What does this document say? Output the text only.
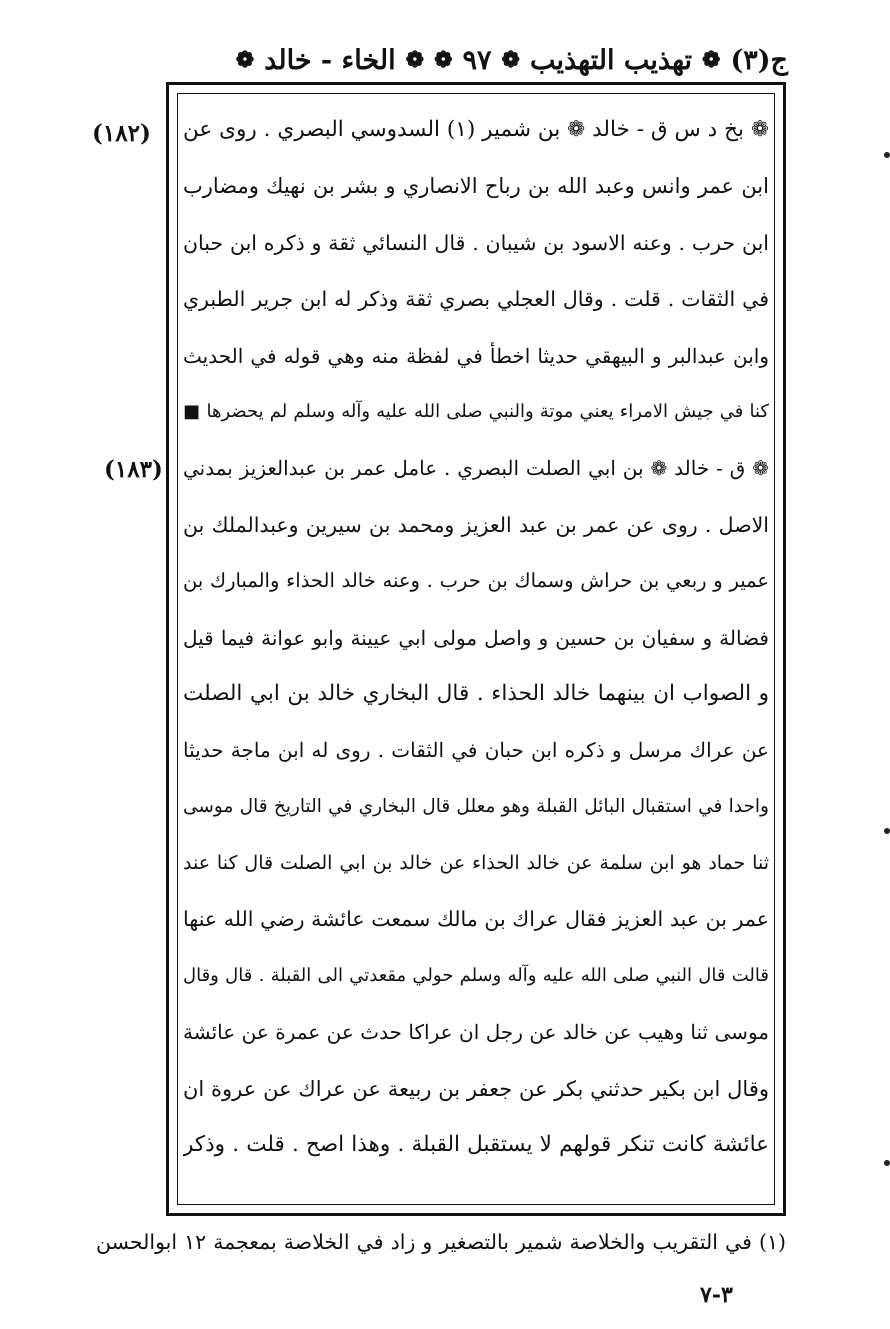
ج(٣)
❁
تهذيب التهذيب
❁
٩٧
❁
❁
الخاء - خالد
❁
(١٨٢)
(١٨٣)
❁ بخ د س ق - خالد ❁ بن شمير (١) السدوسي البصري . روى عن
ابن عمر وانس وعبد الله بن رباح الانصاري و بشر بن نهيك ومضارب
ابن حرب . وعنه الاسود بن شيبان . قال النسائي ثقة و ذكره ابن حبان
في الثقات . قلت . وقال العجلي بصري ثقة وذكر له ابن جرير الطبري
وابن عبدالبر و البيهقي حديثا اخطأ في لفظة منه وهي قوله في الحديث
كنا في جيش الامراء يعني موتة والنبي صلى الله عليه وآله وسلم لم يحضرها ■
❁ ق - خالد ❁ بن ابي الصلت البصري . عامل عمر بن عبدالعزيز بمدني
الاصل . روى عن عمر بن عبد العزيز ومحمد بن سيرين وعبدالملك بن
عمير و ربعي بن حراش وسماك بن حرب . وعنه خالد الحذاء والمبارك بن
فضالة و سفيان بن حسين و واصل مولى ابي عيينة وابو عوانة فيما قيل
و الصواب ان بينهما خالد الحذاء . قال البخاري خالد بن ابي الصلت
عن عراك مرسل و ذكره ابن حبان في الثقات . روى له ابن ماجة حديثا
واحدا في استقبال البائل القبلة وهو معلل قال البخاري في التاريخ قال موسى
ثنا حماد هو ابن سلمة عن خالد الحذاء عن خالد بن ابي الصلت قال كنا عند
عمر بن عبد العزيز فقال عراك بن مالك سمعت عائشة رضي الله عنها
قالت قال النبي صلى الله عليه وآله وسلم حولي مقعدتي الى القبلة . قال وقال
موسى ثنا وهيب عن خالد عن رجل ان عراكا حدث عن عمرة عن عائشة
وقال ابن بكير حدثني بكر عن جعفر بن ربيعة عن عراك عن عروة ان
عائشة كانت تنكر قولهم لا يستقبل القبلة . وهذا اصح . قلت . وذكر
(١) في التقريب والخلاصة شمير بالتصغير و زاد في الخلاصة بمعجمة ١٢ ابوالحسن
٣-٧
